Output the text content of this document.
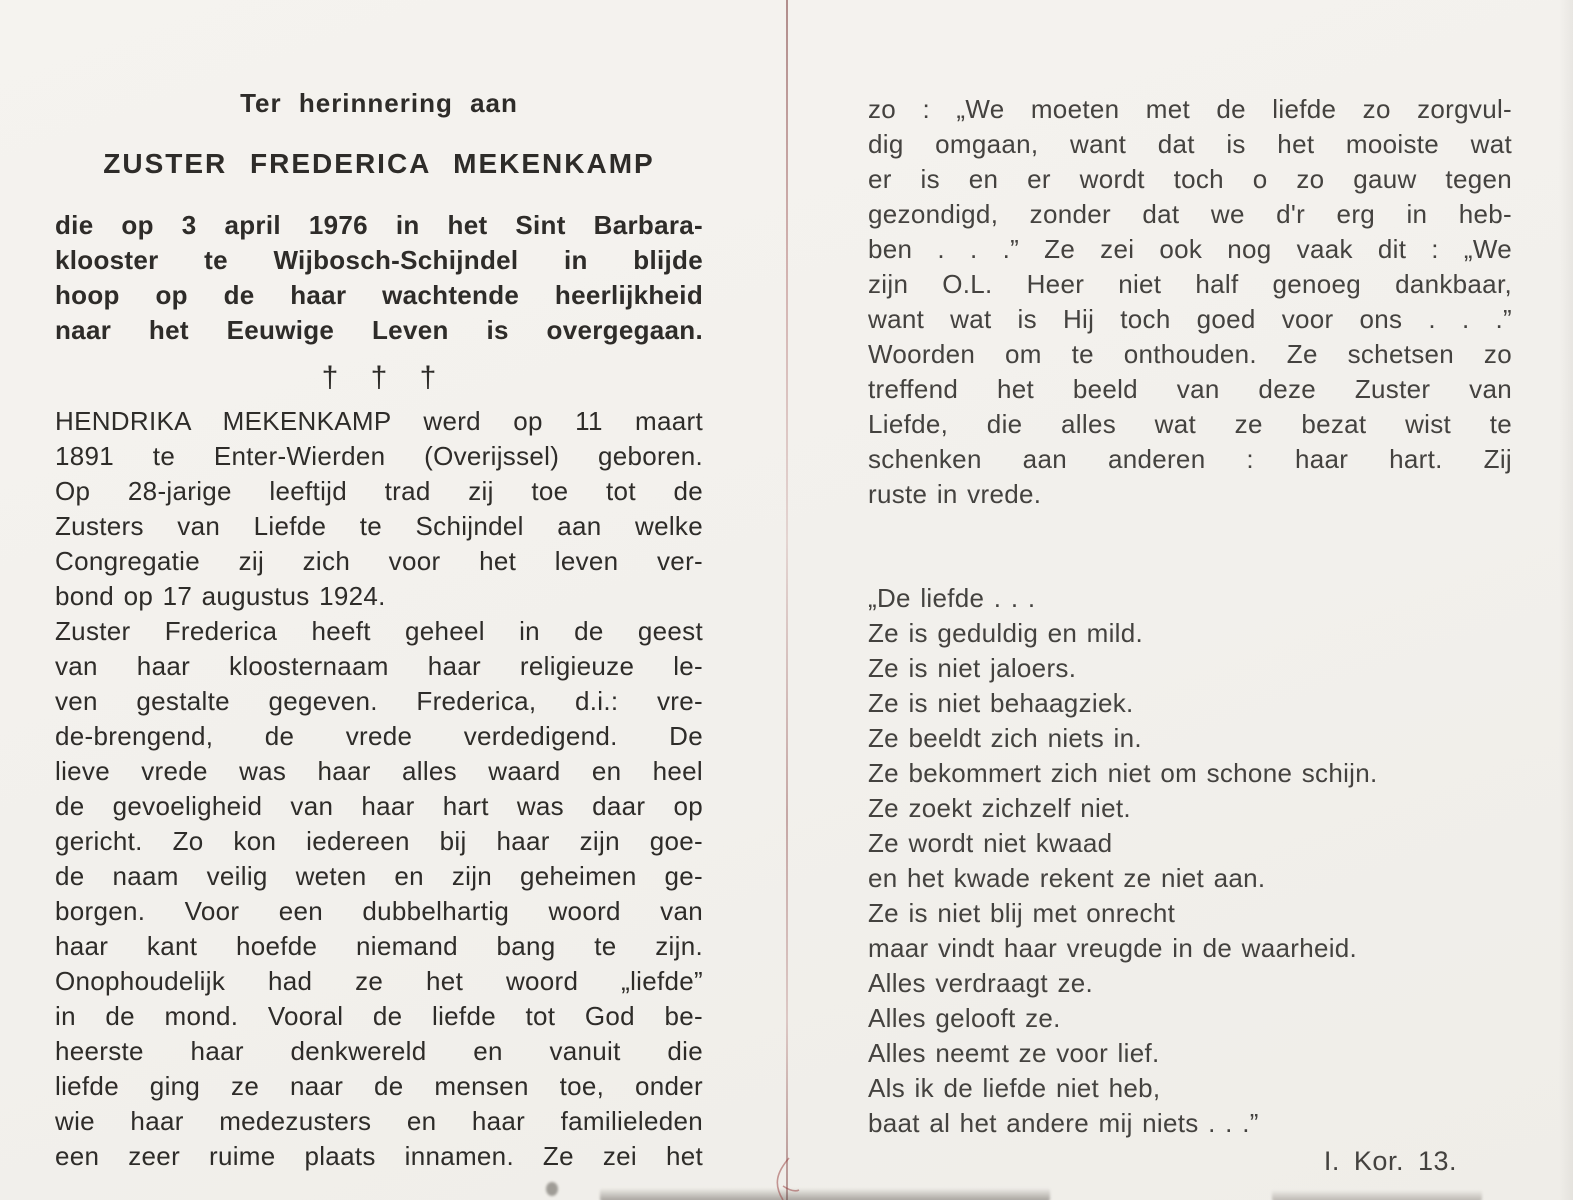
Ter herinnering aan
ZUSTER FREDERICA MEKENKAMP
die op 3 april 1976 in het Sint Barbara-
klooster te Wijbosch-Schijndel in blijde
hoop op de haar wachtende heerlijkheid
naar het Eeuwige Leven is overgegaan.
† † †
HENDRIKA MEKENKAMP werd op 11 maart
1891 te Enter-Wierden (Overijssel) geboren.
Op 28-jarige leeftijd trad zij toe tot de
Zusters van Liefde te Schijndel aan welke
Congregatie zij zich voor het leven ver-
bond op 17 augustus 1924.
Zuster Frederica heeft geheel in de geest
van haar kloosternaam haar religieuze le-
ven gestalte gegeven. Frederica, d.i.: vre-
de-brengend, de vrede verdedigend. De
lieve vrede was haar alles waard en heel
de gevoeligheid van haar hart was daar op
gericht. Zo kon iedereen bij haar zijn goe-
de naam veilig weten en zijn geheimen ge-
borgen. Voor een dubbelhartig woord van
haar kant hoefde niemand bang te zijn.
Onophoudelijk had ze het woord „liefde”
in de mond. Vooral de liefde tot God be-
heerste haar denkwereld en vanuit die
liefde ging ze naar de mensen toe, onder
wie haar medezusters en haar familieleden
een zeer ruime plaats innamen. Ze zei het
zo : „We moeten met de liefde zo zorgvul-
dig omgaan, want dat is het mooiste wat
er is en er wordt toch o zo gauw tegen
gezondigd, zonder dat we d'r erg in heb-
ben . . .” Ze zei ook nog vaak dit : „We
zijn O.L. Heer niet half genoeg dankbaar,
want wat is Hij toch goed voor ons . . .”
Woorden om te onthouden. Ze schetsen zo
treffend het beeld van deze Zuster van
Liefde, die alles wat ze bezat wist te
schenken aan anderen : haar hart. Zij
ruste in vrede.
„De liefde . . .
Ze is geduldig en mild.
Ze is niet jaloers.
Ze is niet behaagziek.
Ze beeldt zich niets in.
Ze bekommert zich niet om schone schijn.
Ze zoekt zichzelf niet.
Ze wordt niet kwaad
en het kwade rekent ze niet aan.
Ze is niet blij met onrecht
maar vindt haar vreugde in de waarheid.
Alles verdraagt ze.
Alles gelooft ze.
Alles neemt ze voor lief.
Als ik de liefde niet heb,
baat al het andere mij niets . . .”
I. Kor. 13.
